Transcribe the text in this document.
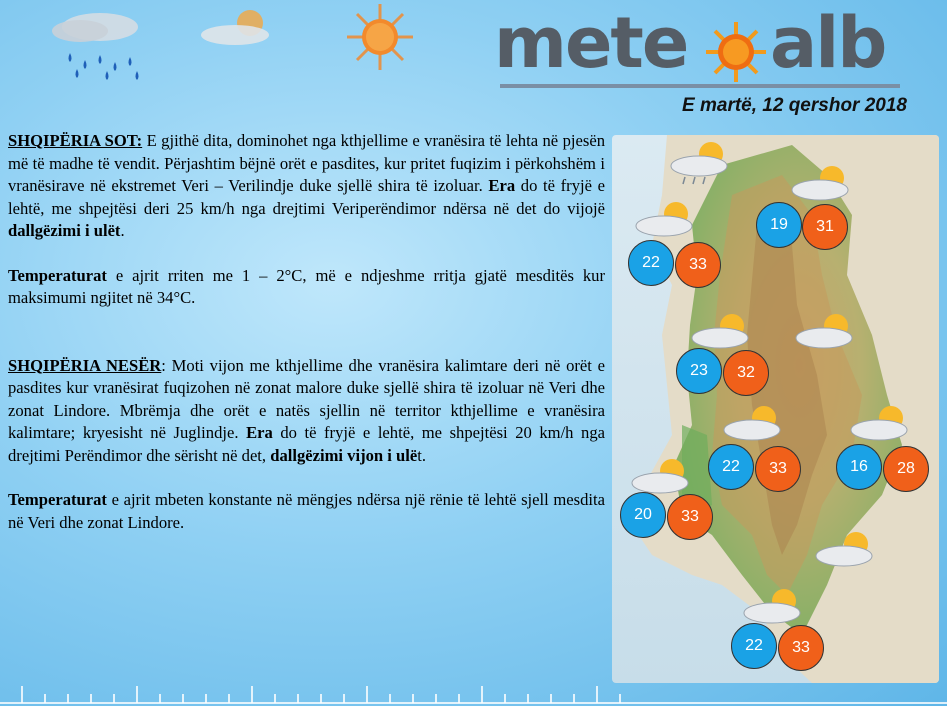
mete alb
E martë, 12 qershor 2018

SHQIPËRIA SOT: E gjithë dita, dominohet nga kthjellime e vranësira të lehta në pjesën më të madhe të vendit. Përjashtim bëjnë orët e pasdites, kur pritet fuqizim i përkohshëm i vranësirave në ekstremet Veri – Verilindje duke sjellë shira të izoluar. Era do të fryjë e lehtë, me shpejtësi deri 25 km/h nga drejtimi Veriperëndimor ndërsa në det do vijojë dallgëzimi i ulët.

Temperaturat e ajrit rriten me 1 – 2°C, më e ndjeshme rritja gjatë mesditës kur maksimumi ngjitet në 34°C.

SHQIPËRIA NESËR: Moti vijon me kthjellime dhe vranësira kalimtare deri në orët e pasdites kur vranësirat fuqizohen në zonat malore duke sjellë shira të izoluar në Veri dhe zonat Lindore. Mbrëmja dhe orët e natës sjellin në territor kthjellime e vranësira kalimtare; kryesisht në Juglindje. Era do të fryjë e lehtë, me shpejtësi 20 km/h nga drejtimi Perëndimor dhe sërisht në det, dallgëzimi vijon i ulët.

Temperaturat e ajrit mbeten konstante në mëngjes ndërsa një rënie të lehtë sjell mesdita në Veri dhe zonat Lindore.

19	31
22	33
23	32
22	33	16	28
20	33
22	33
